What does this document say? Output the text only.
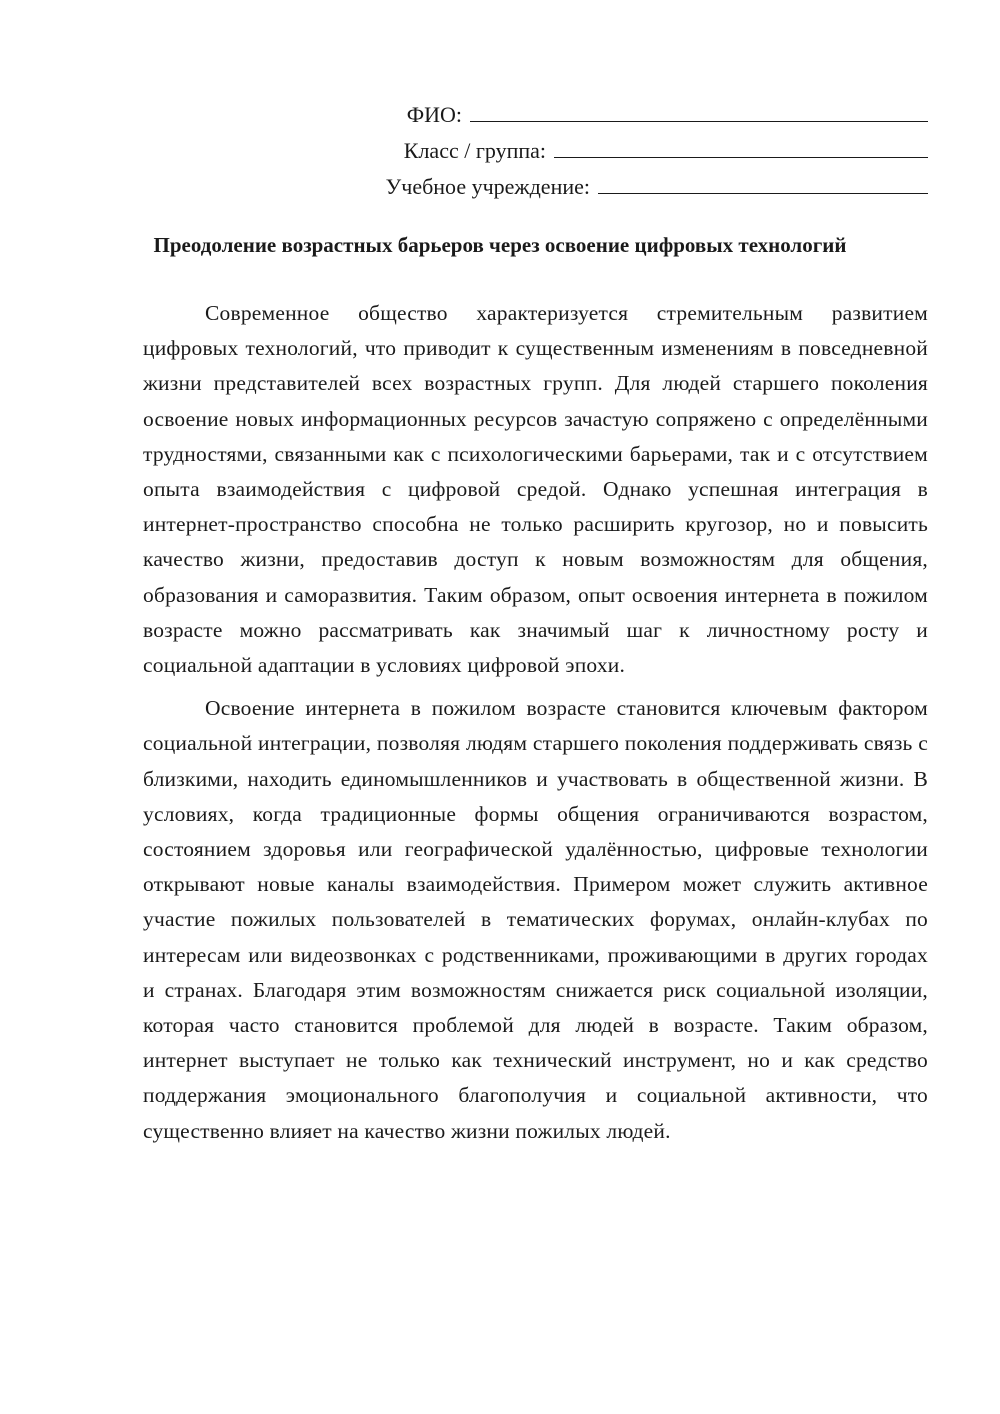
ФИО:
Класс / группа:
Учебное учреждение:
Преодоление возрастных барьеров через освоение цифровых технологий

Современное общество характеризуется стремительным развитием цифровых технологий, что приводит к существенным изменениям в повседневной жизни представителей всех возрастных групп. Для людей старшего поколения освоение новых информационных ресурсов зачастую сопряжено с определёнными трудностями, связанными как с психологическими барьерами, так и с отсутствием опыта взаимодействия с цифровой средой. Однако успешная интеграция в интернет-пространство способна не только расширить кругозор, но и повысить качество жизни, предоставив доступ к новым возможностям для общения, образования и саморазвития. Таким образом, опыт освоения интернета в пожилом возрасте можно рассматривать как значимый шаг к личностному росту и социальной адаптации в условиях цифровой эпохи.

Освоение интернета в пожилом возрасте становится ключевым фактором социальной интеграции, позволяя людям старшего поколения поддерживать связь с близкими, находить единомышленников и участвовать в общественной жизни. В условиях, когда традиционные формы общения ограничиваются возрастом, состоянием здоровья или географической удалённостью, цифровые технологии открывают новые каналы взаимодействия. Примером может служить активное участие пожилых пользователей в тематических форумах, онлайн-клубах по интересам или видеозвонках с родственниками, проживающими в других городах и странах. Благодаря этим возможностям снижается риск социальной изоляции, которая часто становится проблемой для людей в возрасте. Таким образом, интернет выступает не только как технический инструмент, но и как средство поддержания эмоционального благополучия и социальной активности, что существенно влияет на качество жизни пожилых людей.
